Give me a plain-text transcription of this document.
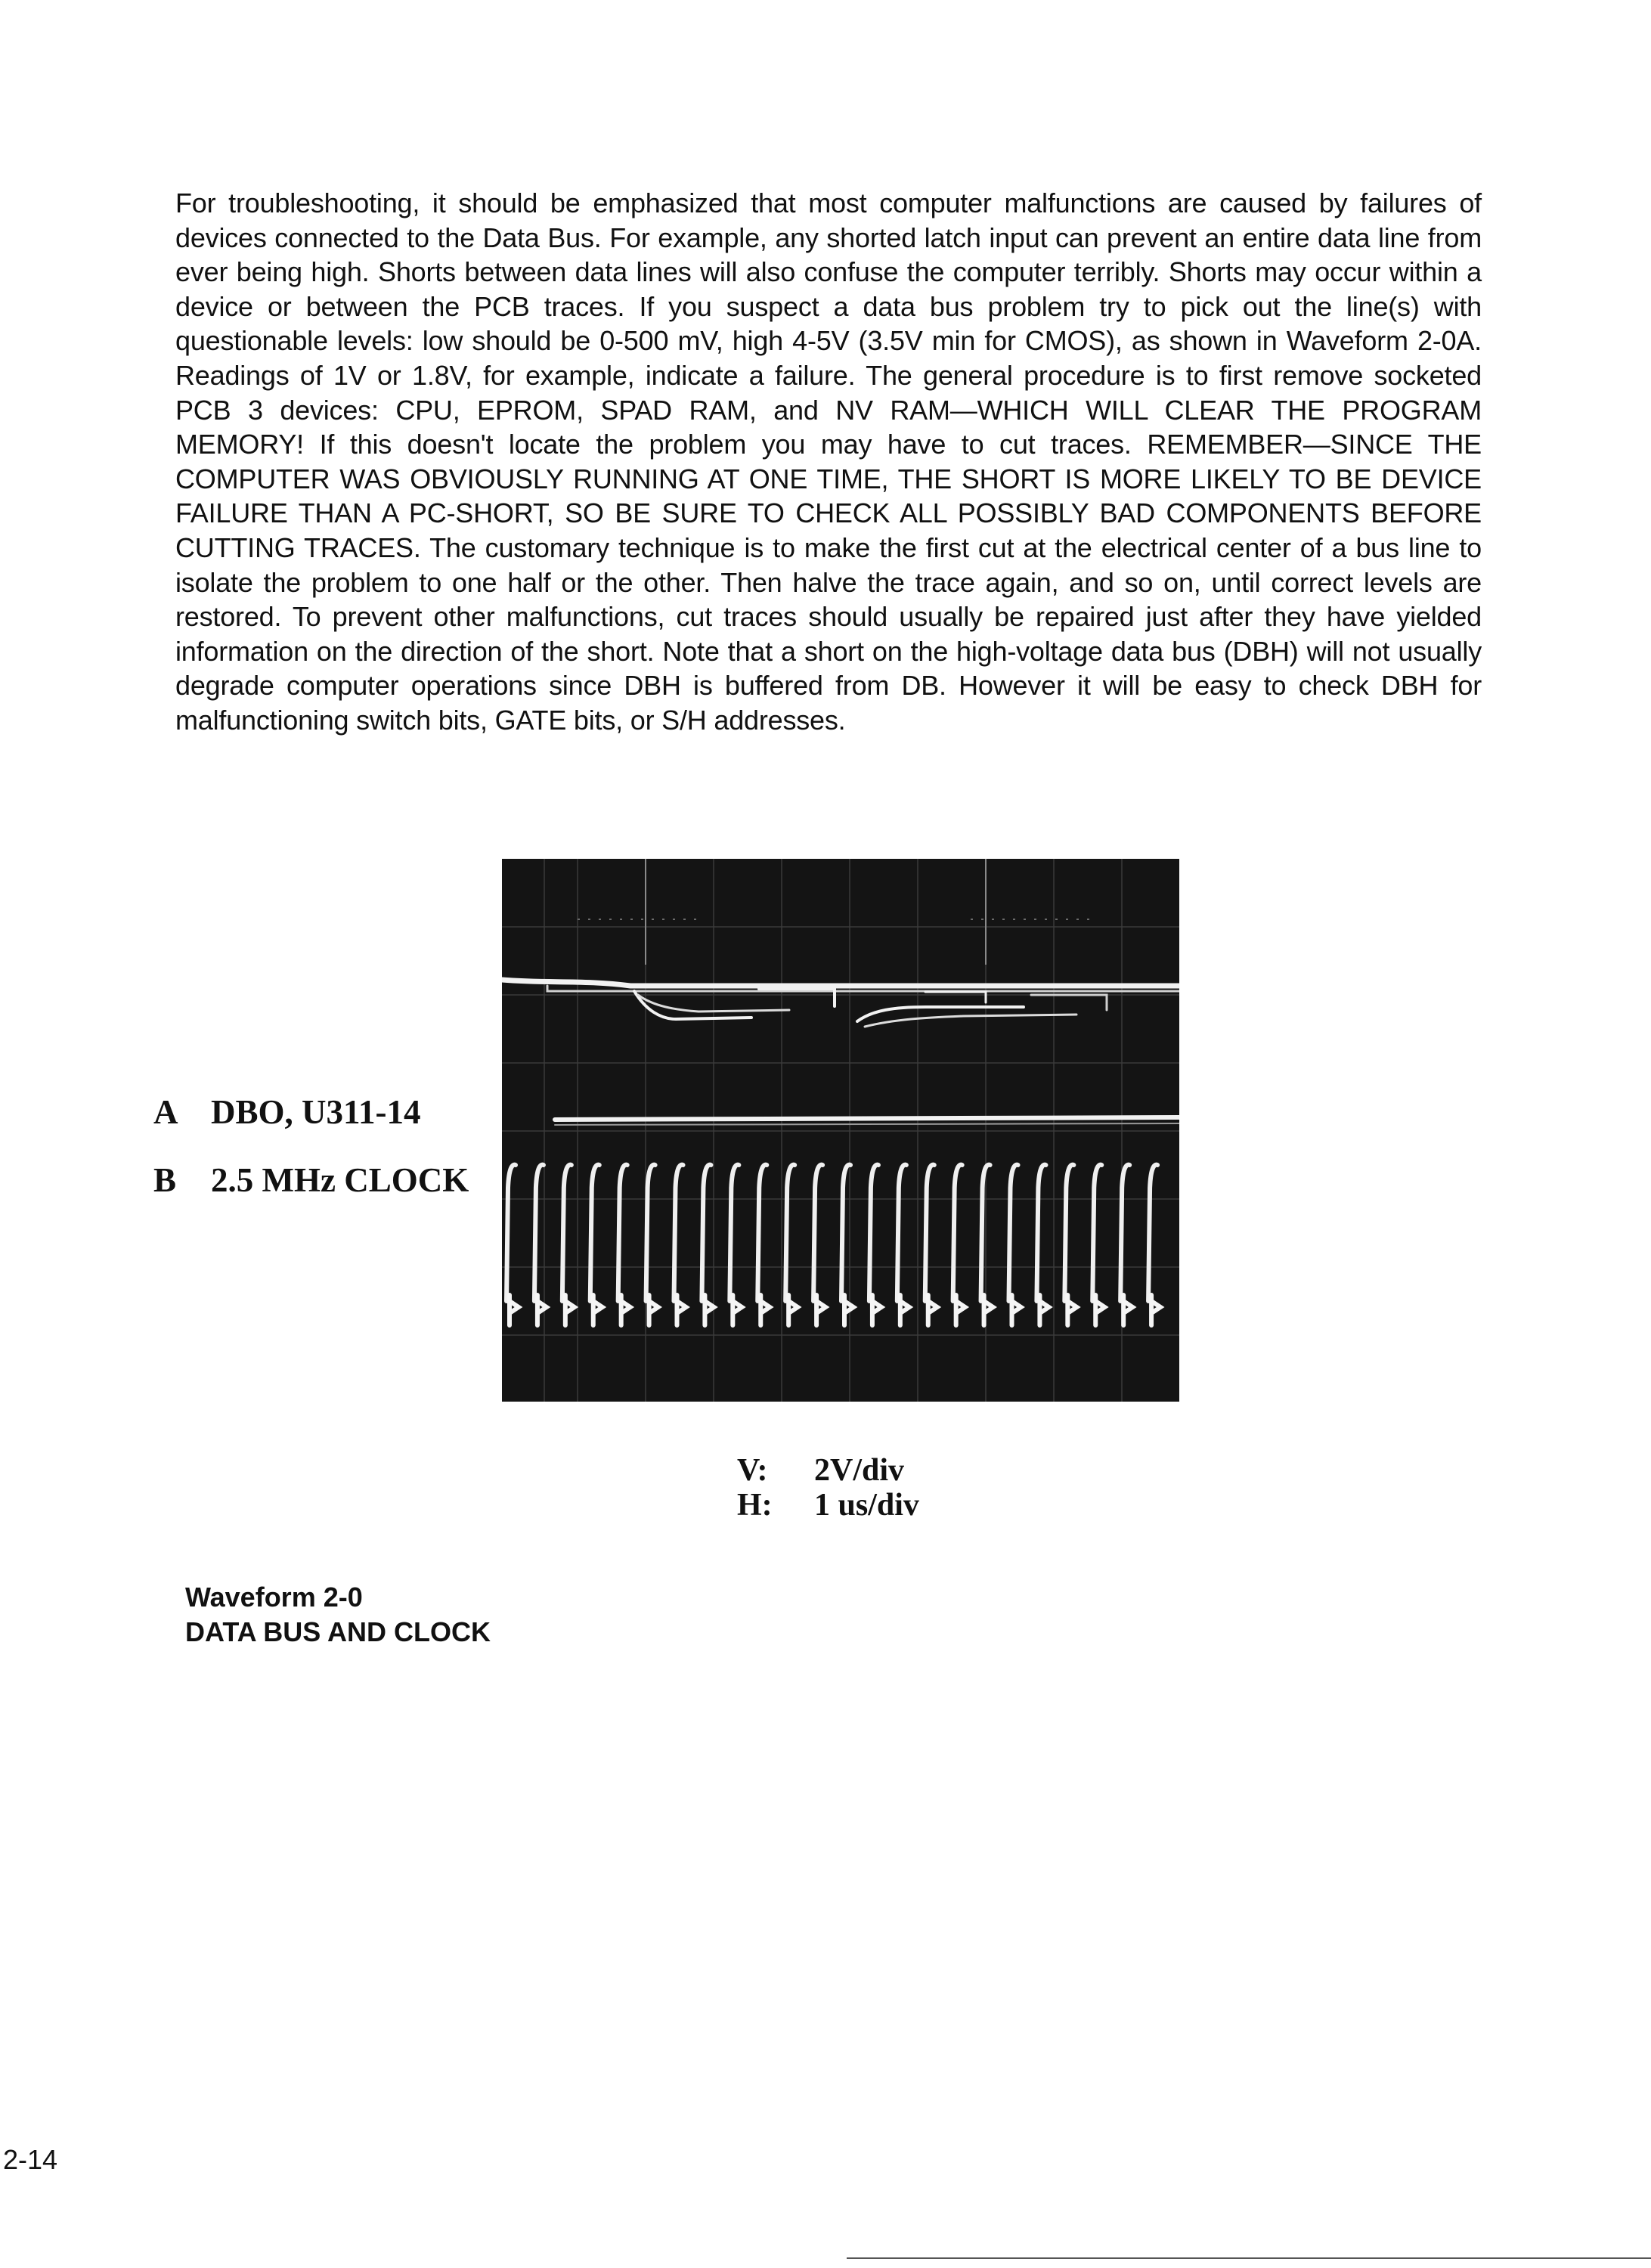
For troubleshooting, it should be emphasized that most computer malfunctions are caused by failures of devices connected to the Data Bus. For example, any shorted latch input can prevent an entire data line from ever being high. Shorts between data lines will also confuse the computer terribly. Shorts may occur within a device or between the PCB traces. If you suspect a data bus problem try to pick out the line(s) with questionable levels: low should be 0-500 mV, high 4-5V (3.5V min for CMOS), as shown in Waveform 2-0A. Readings of 1V or 1.8V, for example, indicate a failure. The general procedure is to first remove socketed PCB 3 devices: CPU, EPROM, SPAD RAM, and NV RAM—WHICH WILL CLEAR THE PROGRAM MEMORY! If this doesn't locate the problem you may have to cut traces. REMEMBER—SINCE THE COMPUTER WAS OBVIOUSLY RUNNING AT ONE TIME, THE SHORT IS MORE LIKELY TO BE DEVICE FAILURE THAN A PC-SHORT, SO BE SURE TO CHECK ALL POSSIBLY BAD COMPONENTS BEFORE CUTTING TRACES. The customary technique is to make the first cut at the electrical center of a bus line to isolate the problem to one half or the other. Then halve the trace again, and so on, until correct levels are restored. To prevent other malfunctions, cut traces should usually be repaired just after they have yielded information on the direction of the short. Note that a short on the high-voltage data bus (DBH) will not usually degrade computer operations since DBH is buffered from DB. However it will be easy to check DBH for malfunctioning switch bits, GATE bits, or S/H addresses.

A DBO, U311-14
B 2.5 MHz CLOCK
V: 2V/div
H: 1 us/div
Waveform 2-0
DATA BUS AND CLOCK
2-14
